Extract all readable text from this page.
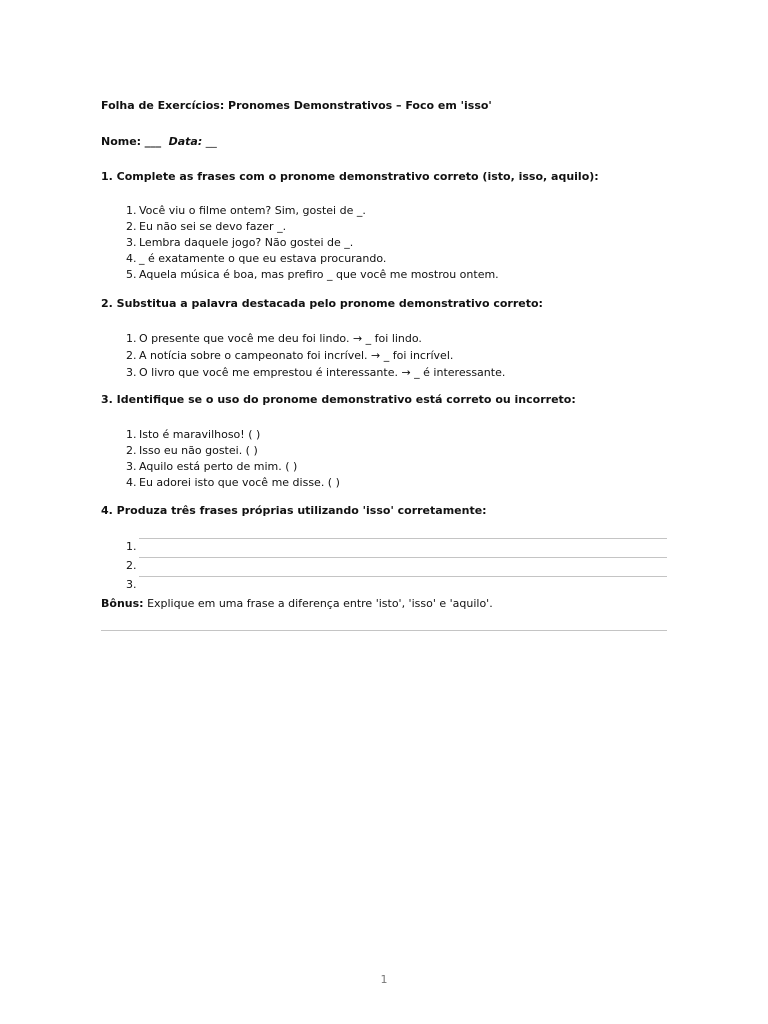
Folha de Exercícios: Pronomes Demonstrativos – Foco em 'isso'
Nome: ___ Data: __
1. Complete as frases com o pronome demonstrativo correto (isto, isso, aquilo):
1. Você viu o filme ontem? Sim, gostei de _.
2. Eu não sei se devo fazer _.
3. Lembra daquele jogo? Não gostei de _.
4. _ é exatamente o que eu estava procurando.
5. Aquela música é boa, mas prefiro _ que você me mostrou ontem.
2. Substitua a palavra destacada pelo pronome demonstrativo correto:
1. O presente que você me deu foi lindo. → _ foi lindo.
2. A notícia sobre o campeonato foi incrível. → _ foi incrível.
3. O livro que você me emprestou é interessante. → _ é interessante.
3. Identifique se o uso do pronome demonstrativo está correto ou incorreto:
1. Isto é maravilhoso! ( )
2. Isso eu não gostei. ( )
3. Aquilo está perto de mim. ( )
4. Eu adorei isto que você me disse. ( )
4. Produza três frases próprias utilizando 'isso' corretamente:
1.
2.
3.
Bônus: Explique em uma frase a diferença entre 'isto', 'isso' e 'aquilo'.
1
